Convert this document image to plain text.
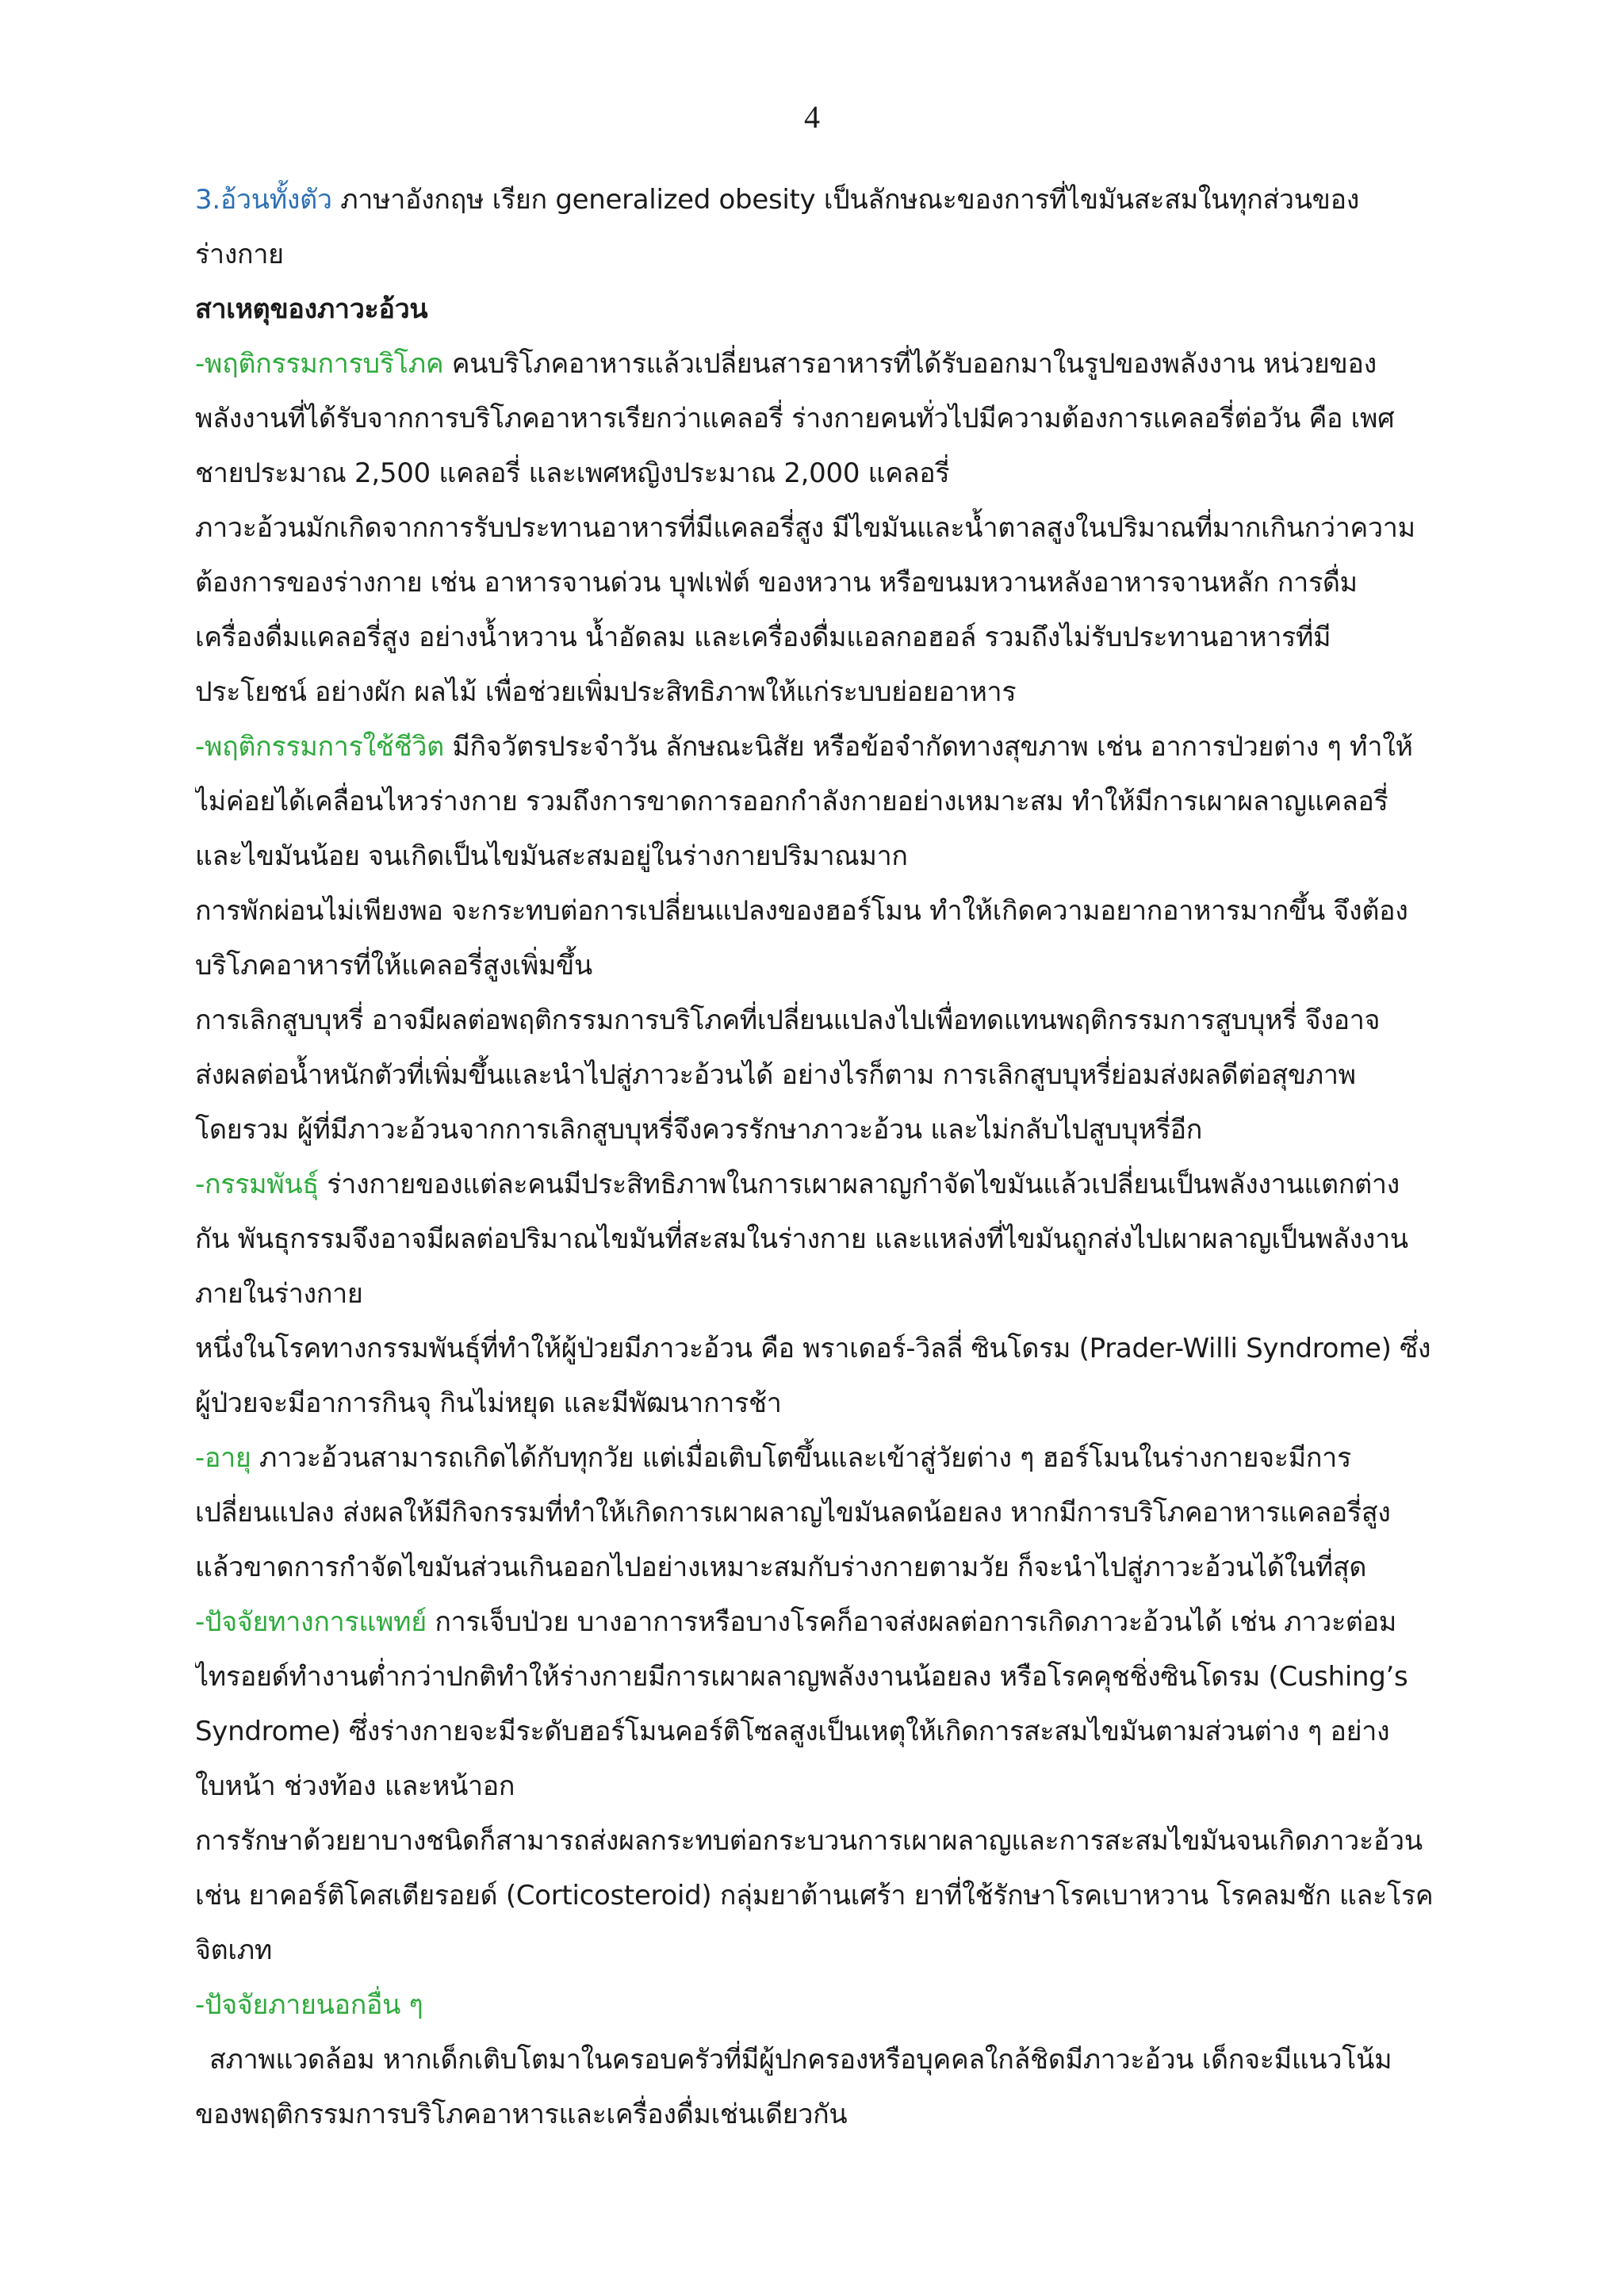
4
3.อ้วนทั้งตัว ภาษาอังกฤษ เรียก generalized obesity เป็นลักษณะของการที่ไขมันสะสมในทุกส่วนของ
ร่างกาย
สาเหตุของภาวะอ้วน
-พฤติกรรมการบริโภค คนบริโภคอาหารแล้วเปลี่ยนสารอาหารที่ได้รับออกมาในรูปของพลังงาน หน่วยของ
พลังงานที่ได้รับจากการบริโภคอาหารเรียกว่าแคลอรี่ ร่างกายคนทั่วไปมีความต้องการแคลอรี่ต่อวัน คือ เพศ
ชายประมาณ 2,500 แคลอรี่ และเพศหญิงประมาณ 2,000 แคลอรี่
ภาวะอ้วนมักเกิดจากการรับประทานอาหารที่มีแคลอรี่สูง มีไขมันและน้ำตาลสูงในปริมาณที่มากเกินกว่าความ
ต้องการของร่างกาย เช่น อาหารจานด่วน บุฟเฟ่ต์ ของหวาน หรือขนมหวานหลังอาหารจานหลัก การดื่ม
เครื่องดื่มแคลอรี่สูง อย่างน้ำหวาน น้ำอัดลม และเครื่องดื่มแอลกอฮอล์ รวมถึงไม่รับประทานอาหารที่มี
ประโยชน์ อย่างผัก ผลไม้ เพื่อช่วยเพิ่มประสิทธิภาพให้แก่ระบบย่อยอาหาร
-พฤติกรรมการใช้ชีวิต มีกิจวัตรประจำวัน ลักษณะนิสัย หรือข้อจำกัดทางสุขภาพ เช่น อาการป่วยต่าง ๆ ทำให้
ไม่ค่อยได้เคลื่อนไหวร่างกาย รวมถึงการขาดการออกกำลังกายอย่างเหมาะสม ทำให้มีการเผาผลาญแคลอรี่
และไขมันน้อย จนเกิดเป็นไขมันสะสมอยู่ในร่างกายปริมาณมาก
การพักผ่อนไม่เพียงพอ จะกระทบต่อการเปลี่ยนแปลงของฮอร์โมน ทำให้เกิดความอยากอาหารมากขึ้น จึงต้อง
บริโภคอาหารที่ให้แคลอรี่สูงเพิ่มขึ้น
การเลิกสูบบุหรี่ อาจมีผลต่อพฤติกรรมการบริโภคที่เปลี่ยนแปลงไปเพื่อทดแทนพฤติกรรมการสูบบุหรี่ จึงอาจ
ส่งผลต่อน้ำหนักตัวที่เพิ่มขึ้นและนำไปสู่ภาวะอ้วนได้ อย่างไรก็ตาม การเลิกสูบบุหรี่ย่อมส่งผลดีต่อสุขภาพ
โดยรวม ผู้ที่มีภาวะอ้วนจากการเลิกสูบบุหรี่จึงควรรักษาภาวะอ้วน และไม่กลับไปสูบบุหรี่อีก
-กรรมพันธุ์ ร่างกายของแต่ละคนมีประสิทธิภาพในการเผาผลาญกำจัดไขมันแล้วเปลี่ยนเป็นพลังงานแตกต่าง
กัน พันธุกรรมจึงอาจมีผลต่อปริมาณไขมันที่สะสมในร่างกาย และแหล่งที่ไขมันถูกส่งไปเผาผลาญเป็นพลังงาน
ภายในร่างกาย
หนึ่งในโรคทางกรรมพันธุ์ที่ทำให้ผู้ป่วยมีภาวะอ้วน คือ พราเดอร์-วิลลี่ ซินโดรม (Prader-Willi Syndrome) ซึ่ง
ผู้ป่วยจะมีอาการกินจุ กินไม่หยุด และมีพัฒนาการช้า
-อายุ ภาวะอ้วนสามารถเกิดได้กับทุกวัย แต่เมื่อเติบโตขึ้นและเข้าสู่วัยต่าง ๆ ฮอร์โมนในร่างกายจะมีการ
เปลี่ยนแปลง ส่งผลให้มีกิจกรรมที่ทำให้เกิดการเผาผลาญไขมันลดน้อยลง หากมีการบริโภคอาหารแคลอรี่สูง
แล้วขาดการกำจัดไขมันส่วนเกินออกไปอย่างเหมาะสมกับร่างกายตามวัย ก็จะนำไปสู่ภาวะอ้วนได้ในที่สุด
-ปัจจัยทางการแพทย์ การเจ็บป่วย บางอาการหรือบางโรคก็อาจส่งผลต่อการเกิดภาวะอ้วนได้ เช่น ภาวะต่อม
ไทรอยด์ทำงานต่ำกว่าปกติทำให้ร่างกายมีการเผาผลาญพลังงานน้อยลง หรือโรคคุชชิ่งซินโดรม (Cushing’s
Syndrome) ซึ่งร่างกายจะมีระดับฮอร์โมนคอร์ติโซลสูงเป็นเหตุให้เกิดการสะสมไขมันตามส่วนต่าง ๆ อย่าง
ใบหน้า ช่วงท้อง และหน้าอก
การรักษาด้วยยาบางชนิดก็สามารถส่งผลกระทบต่อกระบวนการเผาผลาญและการสะสมไขมันจนเกิดภาวะอ้วน
เช่น ยาคอร์ติโคสเตียรอยด์ (Corticosteroid) กลุ่มยาต้านเศร้า ยาที่ใช้รักษาโรคเบาหวาน โรคลมชัก และโรค
จิตเภท
-ปัจจัยภายนอกอื่น ๆ
สภาพแวดล้อม หากเด็กเติบโตมาในครอบครัวที่มีผู้ปกครองหรือบุคคลใกล้ชิดมีภาวะอ้วน เด็กจะมีแนวโน้ม
ของพฤติกรรมการบริโภคอาหารและเครื่องดื่มเช่นเดียวกัน
